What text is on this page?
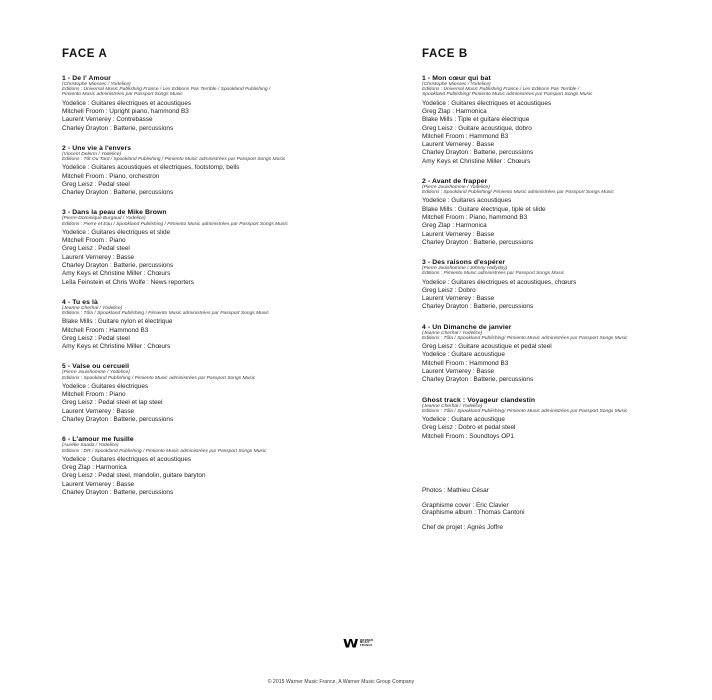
FACE A
1 - De l' Amour
(Christophe Miossec / Yodelice)
Editions : Universal Music Publishing France / Les Editions Pas Terrible / Spookland Publishing /
Pimiento Music administrées par Passport Songs Music
Yodelice : Guitares électriques et acoustiques
Mitchell Froom : Upright piano, hammond B3
Laurent Vernerey : Contrebasse
Charley Drayton : Batterie, percussions
2 - Une vie à l'envers
(Vincent Delerm / Yodelice)
Editions : Tôt Ou Tard / Spookland Publishing / Pimiento Music administrées par Passport Songs Music
Yodelice : Guitares acoustiques et électriques, footstomp, bells
Mitchell Froom : Piano, orchestron
Greg Leisz : Pedal steel
Charley Drayton : Batterie, percussions
3 - Dans la peau de Mike Brown
(Pierre-Dominique Burgaud / Yodelice)
Editions : Pierre et Eau / Spookland Publishing / Pimiento Music administrées par Passport Songs Music
Yodelice : Guitares électriques et slide
Mitchell Froom : Piano
Greg Leisz : Pedal steel
Laurent Vernerey : Basse
Charley Drayton : Batterie, percussions
Amy Keys et Christine Miller : Chœurs
Leïla Feinstein et Chris Wolfe : News reporters
4 - Tu es là
(Jeanne Cherhal / Yodelice)
Editions : Tôla / Spookland Publishing / Pimiento Music administrées par Passport Songs Music
Blake Mills : Guitare nylon et électrique
Mitchell Froom : Hammond B3
Greg Leisz : Pedal steel
Amy Keys et Christine Miller : Chœurs
5 - Valse ou cercueil
(Pierre Jouishomme / Yodelice)
Editions : Spookland Publishing / Pimiento Music administrées par Passport Songs Music
Yodelice : Guitares électriques
Mitchell Froom : Piano
Greg Leisz : Pedal steel et lap steel
Laurent Vernerey : Basse
Charley Drayton : Batterie, percussions
6 - L'amour me fusille
(Aurélie Saada / Yodelice)
Editions : DR / Spookland Publishing / Pimiento Music administrées par Passport Songs Music
Yodelice : Guitares électriques et acoustiques
Greg Zlap : Harmonica
Greg Leisz : Pedal steel, mandolin, guitare baryton
Laurent Vernerey : Basse
Charley Drayton : Batterie, percussions
FACE B
1 - Mon cœur qui bat
(Christophe Miossec / Yodelice)
Editions : Universal Music Publishing France / Les Editions Pas Terrible /
Spookland Publishing/ Pimiento Music administrées par Passport Songs Music
Yodelice : Guitares électriques et acoustiques
Greg Zlap : Harmonica
Blake Mills : Tiple et guitare électrique
Greg Leisz : Guitare acoustique, dobro
Mitchell Froom : Hammond B3
Laurent Vernerey : Basse
Charley Drayton : Batterie, percussions
Amy Keys et Christine Miller : Chœurs
2 - Avant de frapper
(Pierre Jouishomme / Yodelice)
Editions : Spookland Publishing/ Pimiento Music administrées par Passport Songs Music
Yodelice : Guitares acoustiques
Blake Mills : Guitare électrique, tiple et slide
Mitchell Froom : Piano, hammond B3
Greg Zlap : Harmonica
Laurent Vernerey : Basse
Charley Drayton : Batterie, percussions
3 - Des raisons d'espérer
(Pierre Jouishomme / Johnny Hallyday)
Editions : Pimiento Music administrées par Passport Songs Music
Yodelice : Guitares électriques et acoustiques, chœurs
Greg Leisz : Dobro
Laurent Vernerey : Basse
Charley Drayton : Batterie, percussions
4 - Un Dimanche de janvier
(Jeanne Cherhal / Yodelice)
Editions : Tôla / Spookland Publishing/ Pimiento Music administrées par Passport Songs Music
Greg Leisz : Guitare acoustique et pedal steel
Yodelice : Guitare acoustique
Mitchell Froom : Hammond B3
Laurent Vernerey : Basse
Charley Drayton : Batterie, percussions
Ghost track : Voyageur clandestin
(Jeanne Cherhal / Yodelice)
Editions : Tôla / Spookland Publishing/ Pimiento Music administrées par Passport Songs Music
Yodelice : Guitare acoustique
Greg Leisz : Dobro et pedal steel
Mitchell Froom : Soundtoys OP1
Photos : Mathieu César
Graphisme cover : Eric Clavier
Graphisme album : Thomas Cantoni
Chef de projet : Agnès Joffre
W WARNER
MUSIC
FRANCE
© 2015 Warner Music France, A Warner Music Group Company
